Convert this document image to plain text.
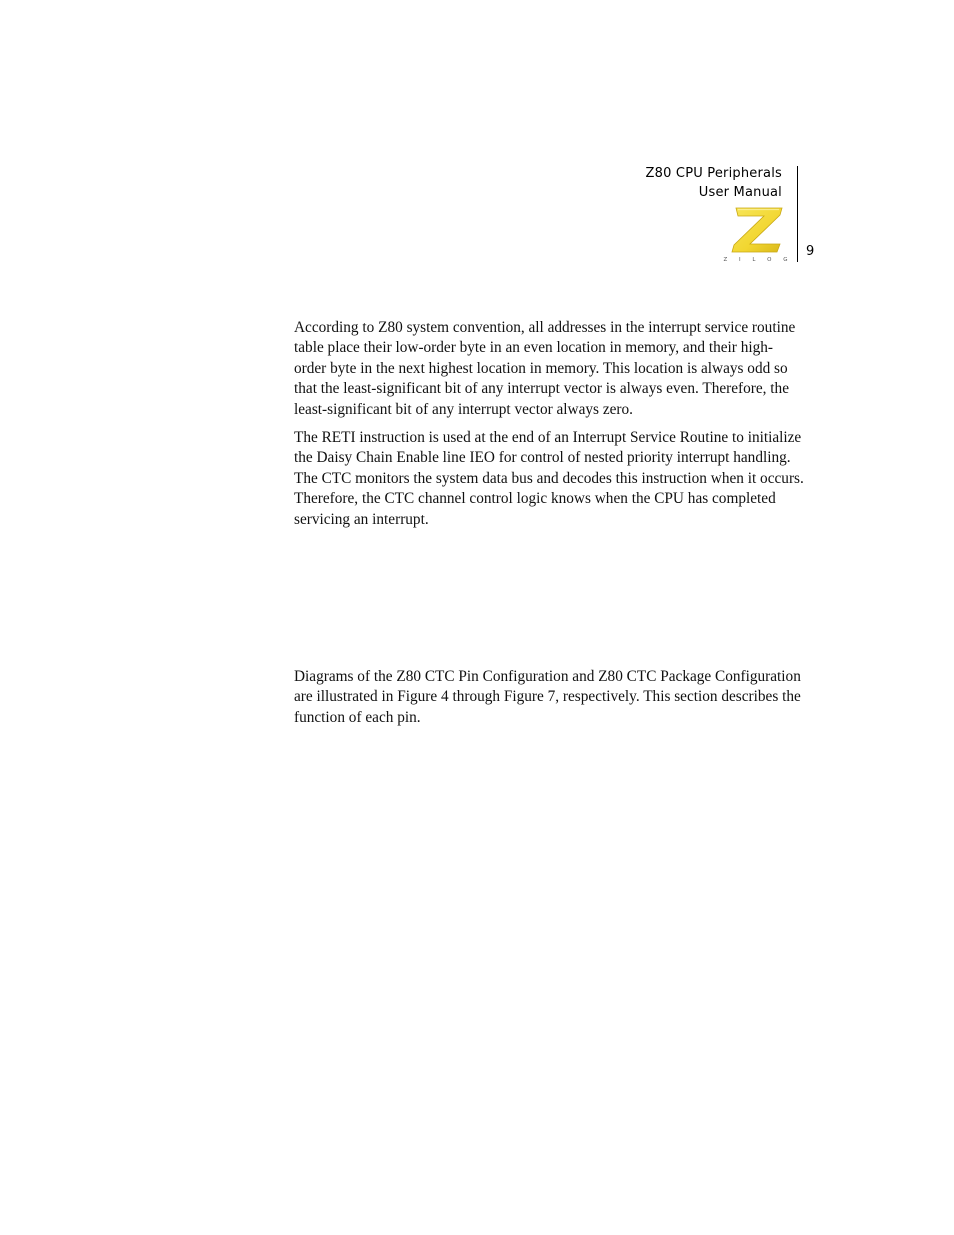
Z80 CPU Peripherals
User Manual
9
Z I L O G

According to Z80 system convention, all addresses in the interrupt service routine table place their low-order byte in an even location in memory, and their high-order byte in the next highest location in memory. This location is always odd so that the least-significant bit of any interrupt vector is always even. Therefore, the least-significant bit of any interrupt vector always zero.

The RETI instruction is used at the end of an Interrupt Service Routine to initialize the Daisy Chain Enable line IEO for control of nested priority interrupt handling. The CTC monitors the system data bus and decodes this instruction when it occurs. Therefore, the CTC channel control logic knows when the CPU has completed servicing an interrupt.

Diagrams of the Z80 CTC Pin Configuration and Z80 CTC Package Configuration are illustrated in Figure 4 through Figure 7, respectively. This section describes the function of each pin.
